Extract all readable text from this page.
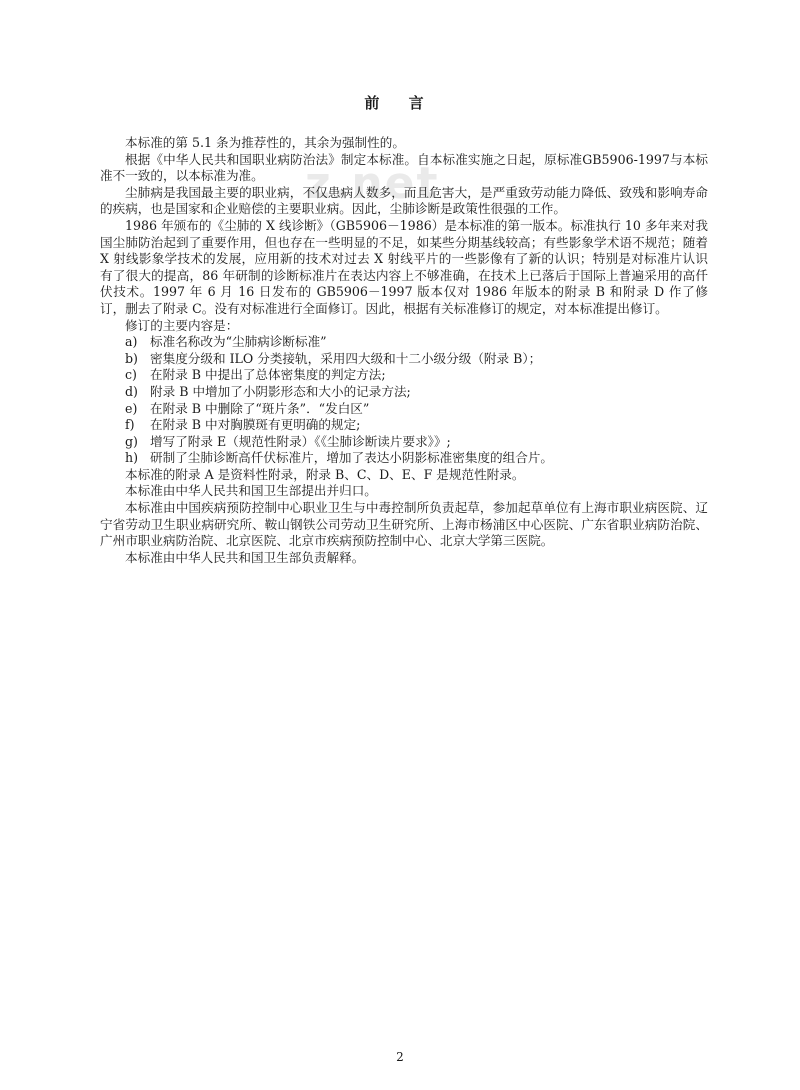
z.net
前 言

本标准的第 5.1 条为推荐性的，其余为强制性的。

根据《中华人民共和国职业病防治法》制定本标准。自本标准实施之日起，原标准GB5906-1997与本标准不一致的，以本标准为准。

尘肺病是我国最主要的职业病，不仅患病人数多，而且危害大，是严重致劳动能力降低、致残和影响寿命的疾病，也是国家和企业赔偿的主要职业病。因此，尘肺诊断是政策性很强的工作。

1986 年颁布的《尘肺的 X 线诊断》（GB5906－1986）是本标准的第一版本。标准执行 10 多年来对我国尘肺防治起到了重要作用，但也存在一些明显的不足，如某些分期基线较高；有些影象学术语不规范；随着 X 射线影象学技术的发展，应用新的技术对过去 X 射线平片的一些影像有了新的认识；特别是对标准片认识有了很大的提高，86 年研制的诊断标准片在表达内容上不够准确，在技术上已落后于国际上普遍采用的高仟伏技术。1997 年 6 月 16 日发布的 GB5906－1997 版本仅对 1986 年版本的附录 B 和附录 D 作了修订，删去了附录 C。没有对标准进行全面修订。因此，根据有关标准修订的规定，对本标准提出修订。

修订的主要内容是：

a) 标准名称改为“尘肺病诊断标准”
b) 密集度分级和 ILO 分类接轨，采用四大级和十二小级分级（附录 B）；
c)	在附录 B 中提出了总体密集度的判定方法;
d) 附录 B 中增加了小阴影形态和大小的记录方法;
e)	在附录 B 中删除了“斑片条”．“发白区”
f)	在附录 B 中对胸膜斑有更明确的规定;
g) 增写了附录 E（规范性附录）《《尘肺诊断读片要求》》;
h) 研制了尘肺诊断高仟伏标准片，增加了表达小阴影标准密集度的组合片。

本标准的附录 A 是资料性附录，附录 B、C、D、E、F 是规范性附录。

本标准由中华人民共和国卫生部提出并归口。

本标准由中国疾病预防控制中心职业卫生与中毒控制所负责起草，参加起草单位有上海市职业病医院、辽宁省劳动卫生职业病研究所、鞍山钢铁公司劳动卫生研究所、上海市杨浦区中心医院、广东省职业病防治院、广州市职业病防治院、北京医院、北京市疾病预防控制中心、北京大学第三医院。

本标准由中华人民共和国卫生部负责解释。

2
